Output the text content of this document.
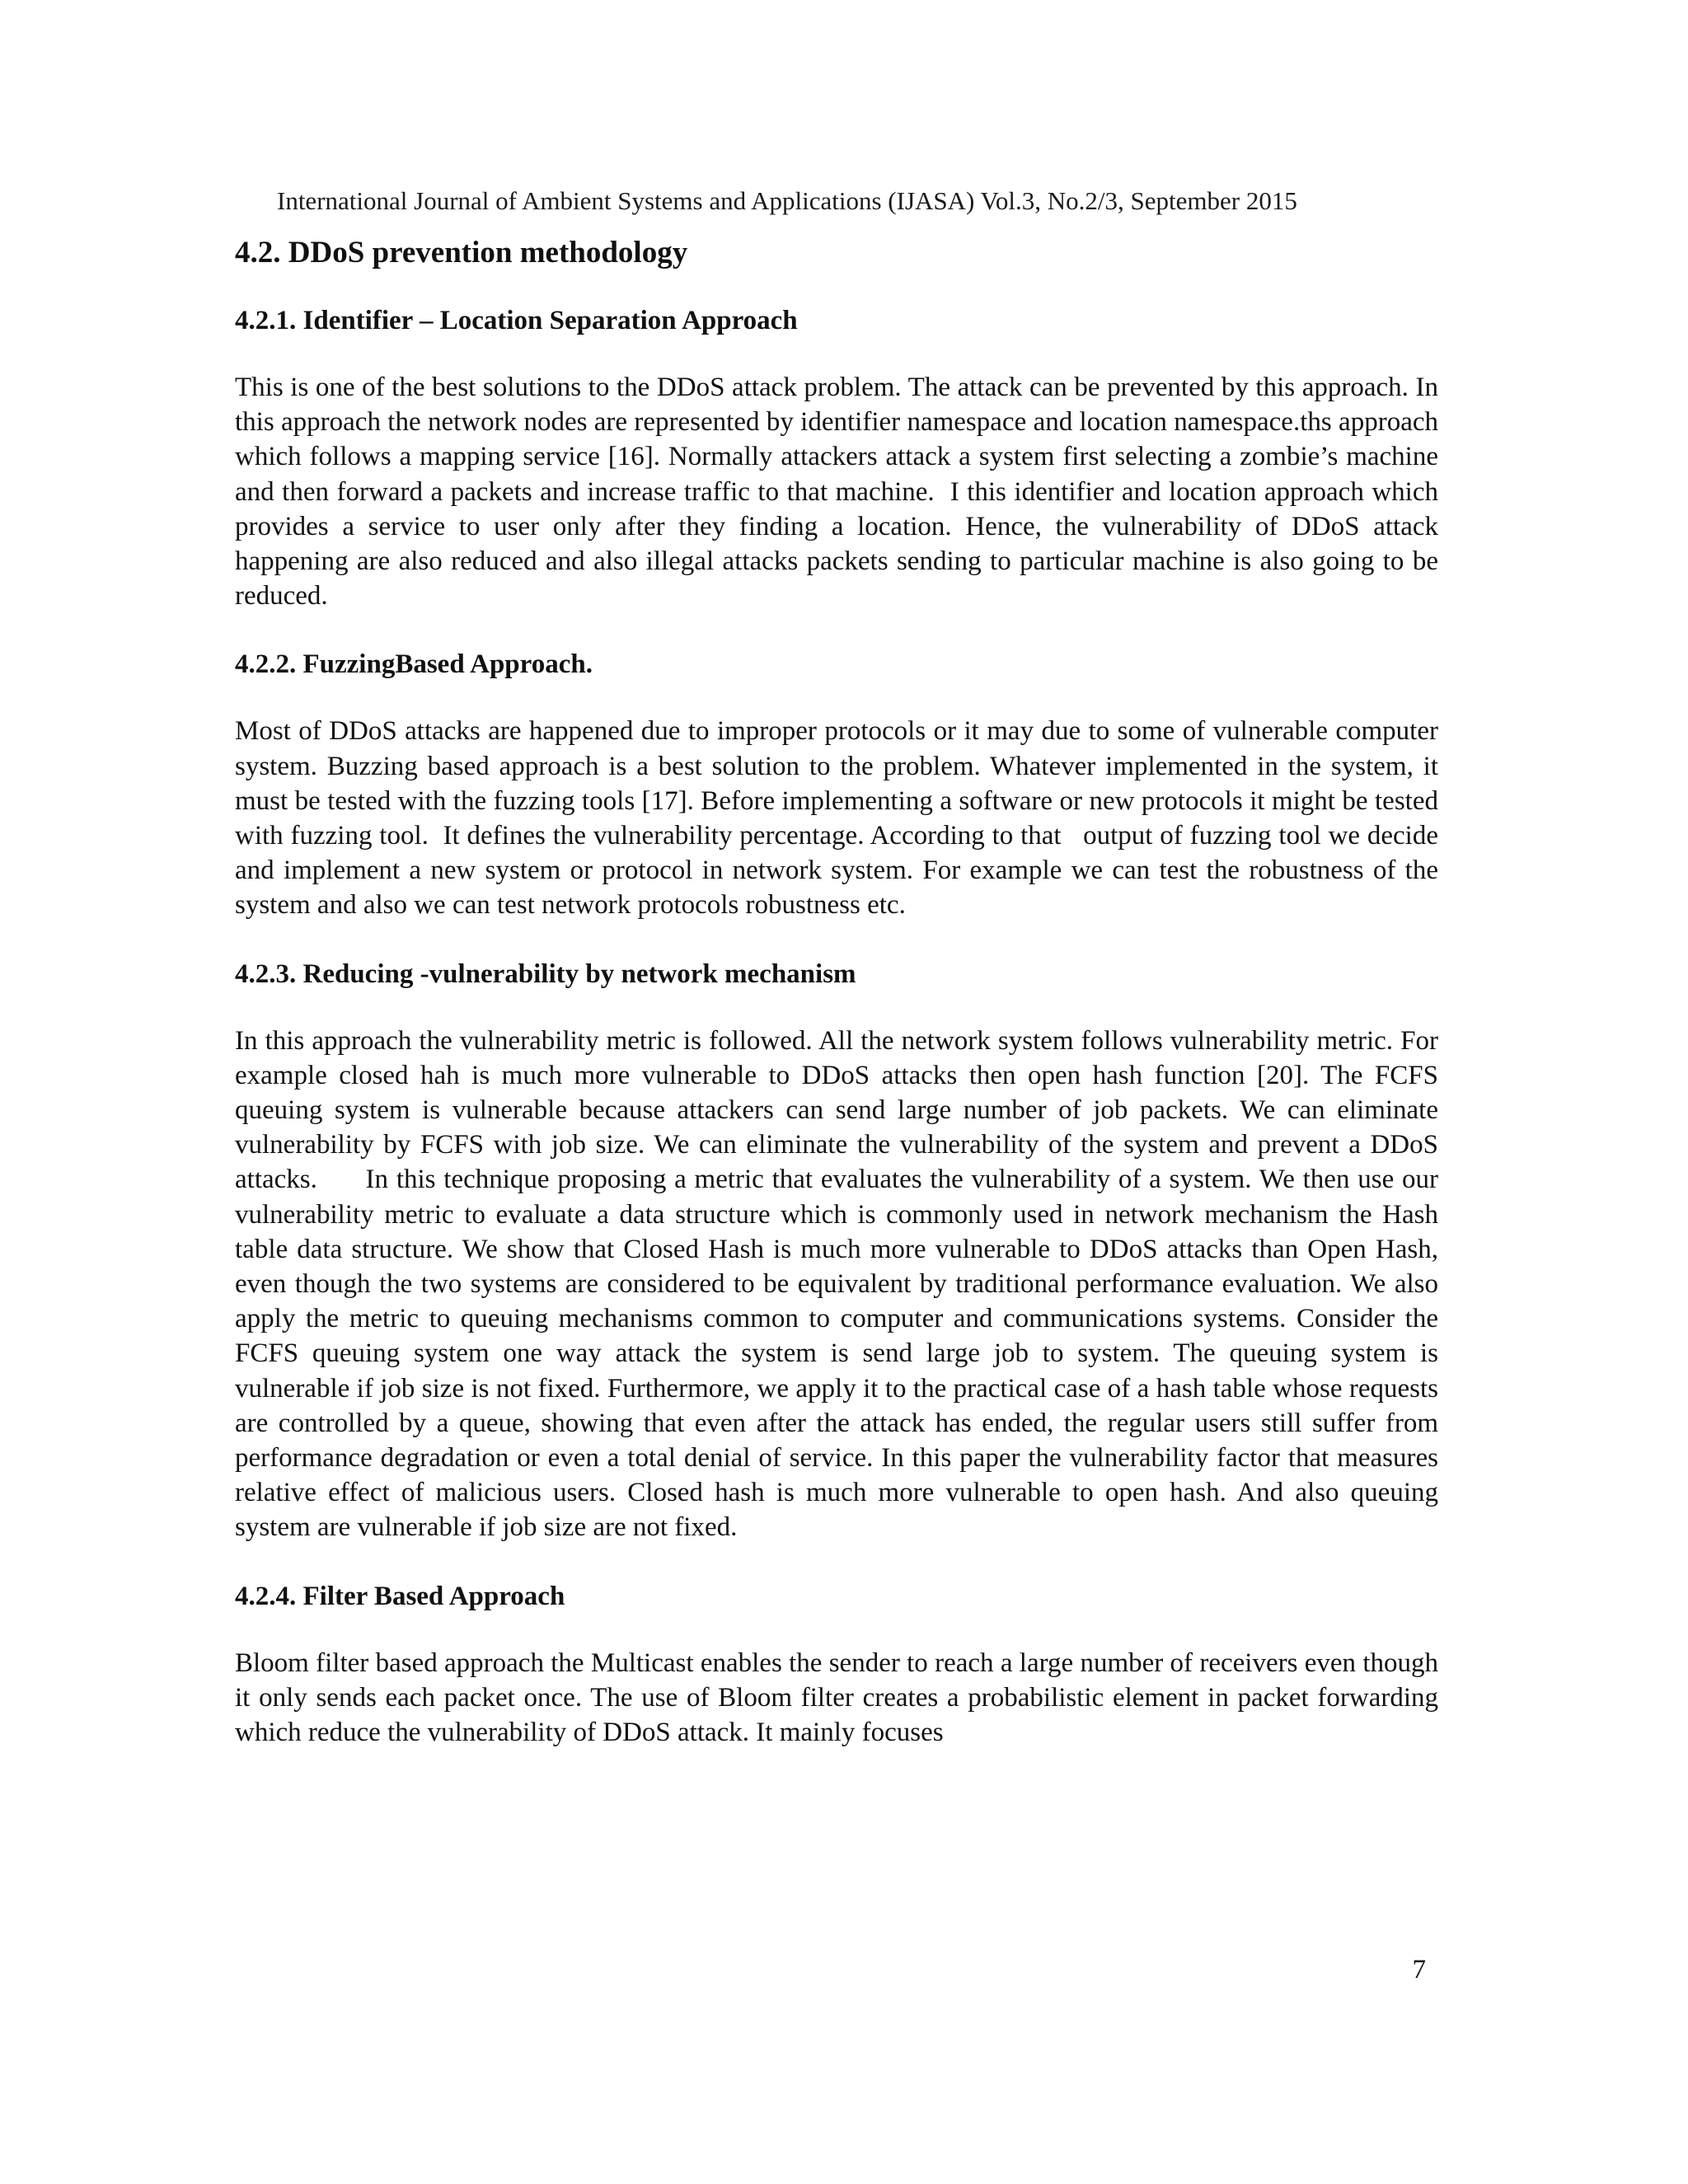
International Journal of Ambient Systems and Applications (IJASA) Vol.3, No.2/3, September 2015
4.2. DDoS prevention methodology
4.2.1. Identifier – Location Separation Approach

This is one of the best solutions to the DDoS attack problem. The attack can be prevented by this approach. In this approach the network nodes are represented by identifier namespace and location namespace.ths approach which follows a mapping service [16]. Normally attackers attack a system first selecting a zombie’s machine and then forward a packets and increase traffic to that machine.  I this identifier and location approach which provides a service to user only after they finding a location. Hence, the vulnerability of DDoS attack happening are also reduced and also illegal attacks packets sending to particular machine is also going to be reduced.

4.2.2. FuzzingBased Approach.

Most of DDoS attacks are happened due to improper protocols or it may due to some of vulnerable computer system. Buzzing based approach is a best solution to the problem. Whatever implemented in the system, it must be tested with the fuzzing tools [17]. Before implementing a software or new protocols it might be tested with fuzzing tool.  It defines the vulnerability percentage. According to that   output of fuzzing tool we decide and implement a new system or protocol in network system. For example we can test the robustness of the system and also we can test network protocols robustness etc.

4.2.3. Reducing -vulnerability by network mechanism

In this approach the vulnerability metric is followed. All the network system follows vulnerability metric. For example closed hah is much more vulnerable to DDoS attacks then open hash function [20]. The FCFS queuing system is vulnerable because attackers can send large number of job packets. We can eliminate vulnerability by FCFS with job size. We can eliminate the vulnerability of the system and prevent a DDoS attacks.      In this technique proposing a metric that evaluates the vulnerability of a system. We then use our vulnerability metric to evaluate a data structure which is commonly used in network mechanism the Hash table data structure. We show that Closed Hash is much more vulnerable to DDoS attacks than Open Hash, even though the two systems are considered to be equivalent by traditional performance evaluation. We also apply the metric to queuing mechanisms common to computer and communications systems. Consider the FCFS queuing system one way attack the system is send large job to system. The queuing system is vulnerable if job size is not fixed. Furthermore, we apply it to the practical case of a hash table whose requests are controlled by a queue, showing that even after the attack has ended, the regular users still suffer from performance degradation or even a total denial of service. In this paper the vulnerability factor that measures relative effect of malicious users. Closed hash is much more vulnerable to open hash. And also queuing system are vulnerable if job size are not fixed.

4.2.4. Filter Based Approach

Bloom filter based approach the Multicast enables the sender to reach a large number of receivers even though it only sends each packet once. The use of Bloom filter creates a probabilistic element in packet forwarding which reduce the vulnerability of DDoS attack. It mainly focuses

7
